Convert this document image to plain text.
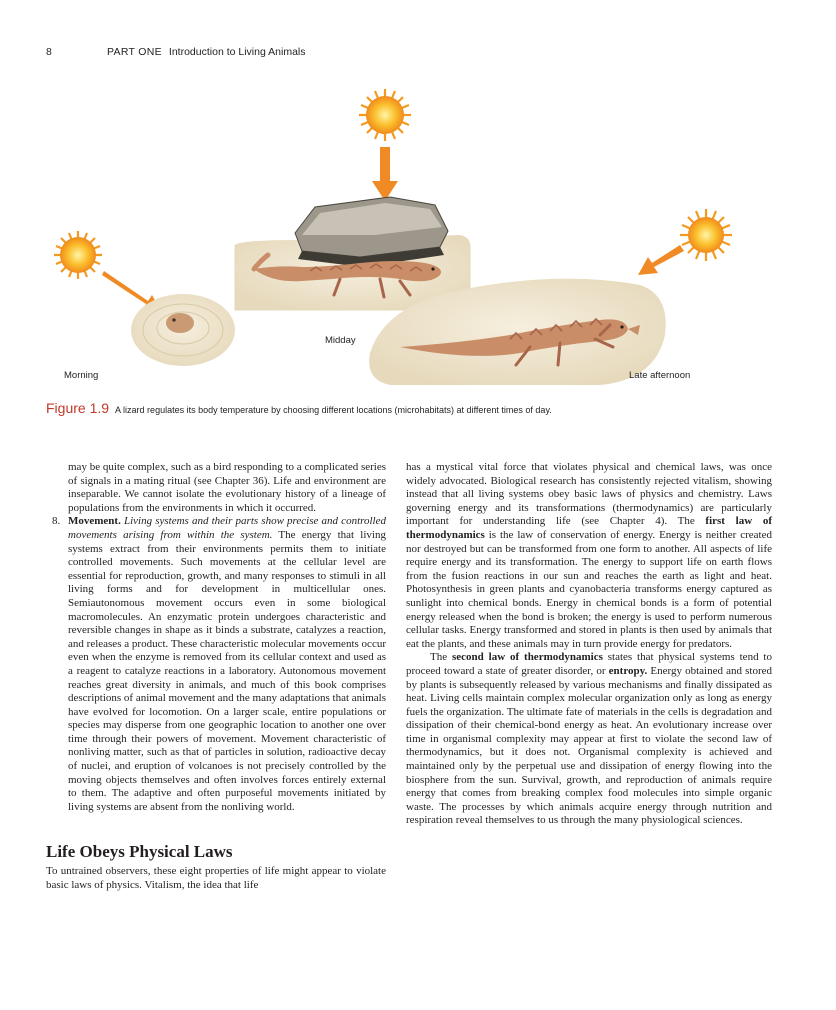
8	PART ONE Introduction to Living Animals
Morning
Midday
Late afternoon
Figure 1.9 A lizard regulates its body temperature by choosing different locations (microhabitats) at different times of day.

may be quite complex, such as a bird responding to a complicated series of signals in a mating ritual (see Chapter 36). Life and environment are inseparable. We cannot isolate the evolutionary history of a lineage of populations from the environments in which it occurred.

8. Movement. Living systems and their parts show precise and controlled movements arising from within the system. The energy that living systems extract from their environments permits them to initiate controlled movements. Such movements at the cellular level are essential for reproduction, growth, and many responses to stimuli in all living forms and for development in multicellular ones. Semiautonomous movement occurs even in some biological macromolecules. An enzymatic protein undergoes characteristic and reversible changes in shape as it binds a substrate, catalyzes a reaction, and releases a product. These characteristic molecular movements occur even when the enzyme is removed from its cellular context and used as a reagent to catalyze reactions in a laboratory. Autonomous movement reaches great diversity in animals, and much of this book comprises descriptions of animal movement and the many adaptations that animals have evolved for locomotion. On a larger scale, entire populations or species may disperse from one geographic location to another one over time through their powers of movement. Movement characteristic of nonliving matter, such as that of particles in solution, radioactive decay of nuclei, and eruption of volcanoes is not precisely controlled by the moving objects themselves and often involves forces entirely external to them. The adaptive and often purposeful movements initiated by living systems are absent from the nonliving world.

Life Obeys Physical Laws

To untrained observers, these eight properties of life might appear to violate basic laws of physics. Vitalism, the idea that life

has a mystical vital force that violates physical and chemical laws, was once widely advocated. Biological research has consistently rejected vitalism, showing instead that all living systems obey basic laws of physics and chemistry. Laws governing energy and its transformations (thermodynamics) are particularly important for understanding life (see Chapter 4). The first law of thermodynamics is the law of conservation of energy. Energy is neither created nor destroyed but can be transformed from one form to another. All aspects of life require energy and its transformation. The energy to support life on earth flows from the fusion reactions in our sun and reaches the earth as light and heat. Photosynthesis in green plants and cyanobacteria transforms energy captured as sunlight into chemical bonds. Energy in chemical bonds is a form of potential energy released when the bond is broken; the energy is used to perform numerous cellular tasks. Energy transformed and stored in plants is then used by animals that eat the plants, and these animals may in turn provide energy for predators.

The second law of thermodynamics states that physical systems tend to proceed toward a state of greater disorder, or entropy. Energy obtained and stored by plants is subsequently released by various mechanisms and finally dissipated as heat. Living cells maintain complex molecular organization only as long as energy fuels the organization. The ultimate fate of materials in the cells is degradation and dissipation of their chemical-bond energy as heat. An evolutionary increase over time in organismal complexity may appear at first to violate the second law of thermodynamics, but it does not. Organismal complexity is achieved and maintained only by the perpetual use and dissipation of energy flowing into the biosphere from the sun. Survival, growth, and reproduction of animals require energy that comes from breaking complex food molecules into simple organic waste. The processes by which animals acquire energy through nutrition and respiration reveal themselves to us through the many physiological sciences.
